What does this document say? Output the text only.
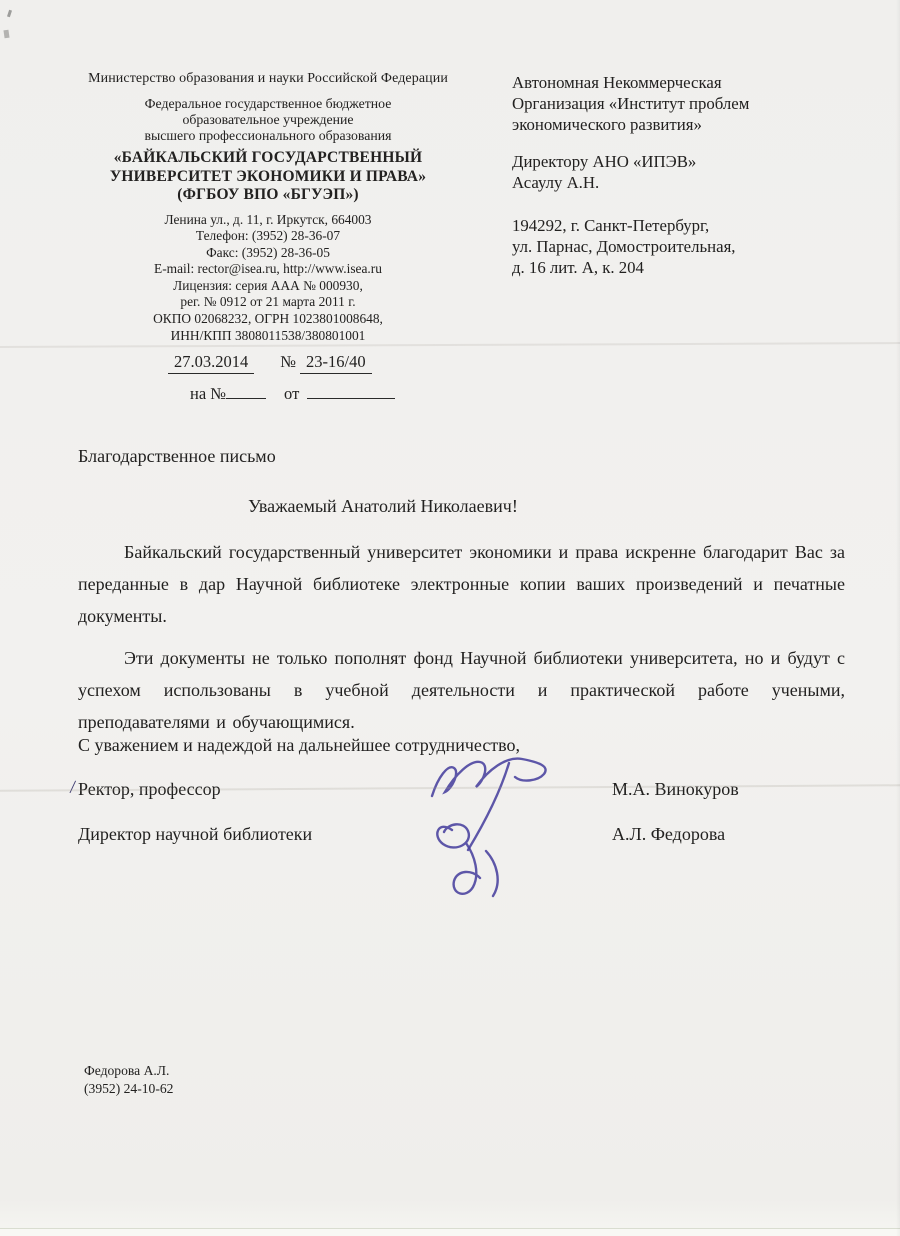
Министерство образования и науки Российской Федерации
Федеральное государственное бюджетное
образовательное учреждение
высшего профессионального образования
«БАЙКАЛЬСКИЙ ГОСУДАРСТВЕННЫЙ
УНИВЕРСИТЕТ ЭКОНОМИКИ И ПРАВА»
(ФГБОУ ВПО «БГУЭП»)
Ленина ул., д. 11, г. Иркутск, 664003
Телефон: (3952) 28-36-07
Факс: (3952) 28-36-05
E-mail: rector@isea.ru, http://www.isea.ru
Лицензия: серия ААА № 000930,
рег. № 0912 от 21 марта 2011 г.
ОКПО 02068232, ОГРН 1023801008648,
ИНН/КПП 3808011538/380801001
27.03.2014	№ 23-16/40
на №	от
Автономная Некоммерческая
Организация «Институт проблем
экономического развития»
Директору АНО «ИПЭВ»
Асаулу А.Н.
194292, г. Санкт-Петербург,
ул. Парнас, Домостроительная,
д. 16 лит. А, к. 204
Благодарственное письмо
Уважаемый Анатолий Николаевич!
Байкальский государственный университет экономики и права искренне благодарит Вас за переданные в дар Научной библиотеке электронные копии ваших произведений и печатные документы.
Эти документы не только пополнят фонд Научной библиотеки университета, но и будут с успехом использованы в учебной деятельности и практической работе учеными, преподавателями и обучающимися.
С уважением и надеждой на дальнейшее сотрудничество,
/ Ректор, профессор	М.А. Винокуров
Директор научной библиотеки	А.Л. Федорова
Федорова А.Л.
(3952) 24-10-62
